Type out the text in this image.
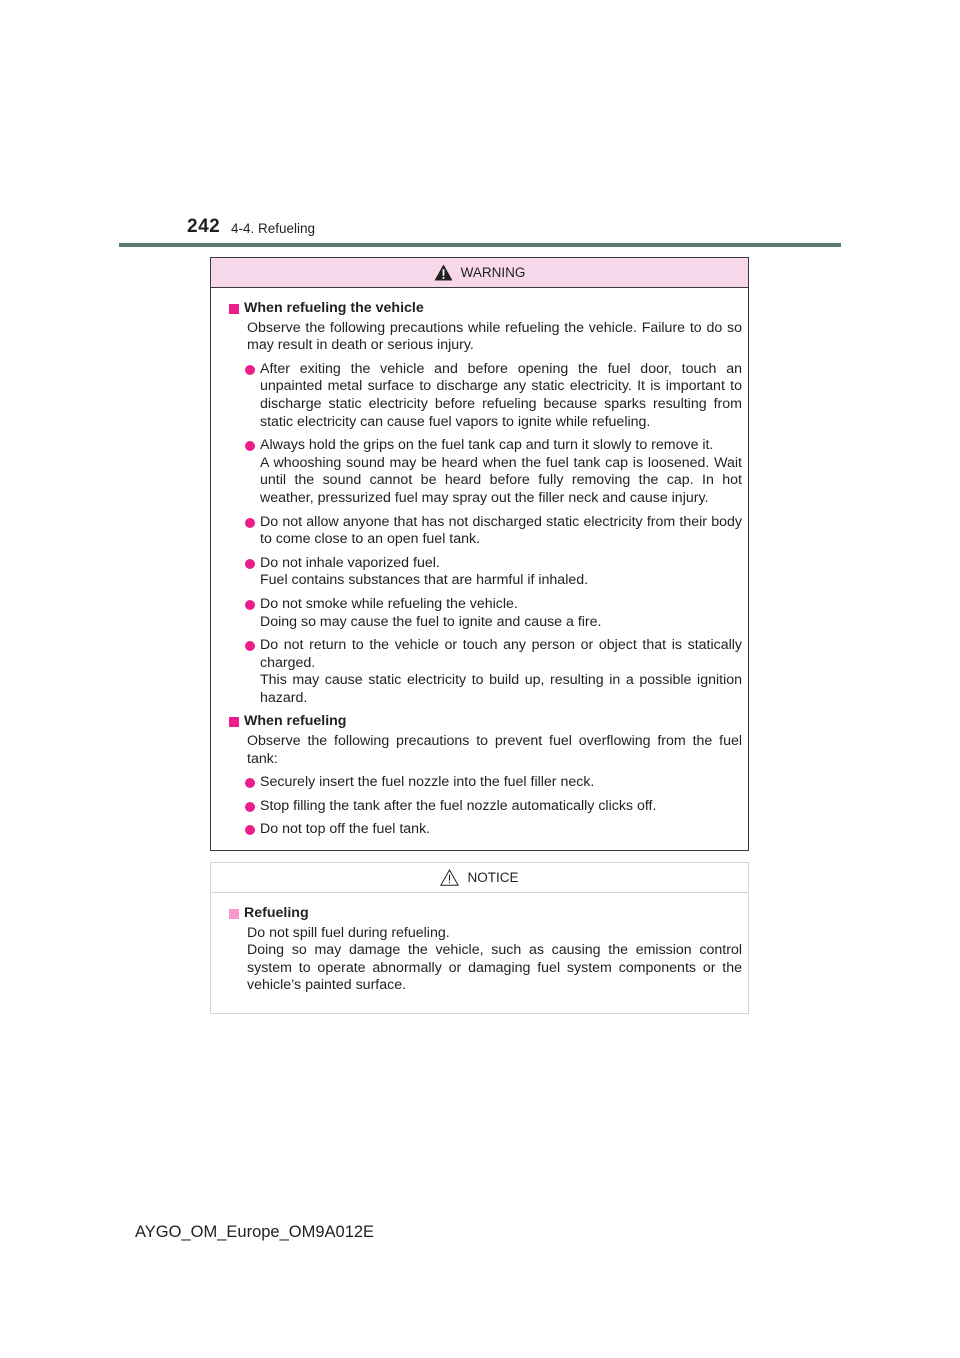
242 4-4. Refueling
WARNING
When refueling the vehicle
Observe the following precautions while refueling the vehicle. Failure to do so may result in death or serious injury.
After exiting the vehicle and before opening the fuel door, touch an unpainted metal surface to discharge any static electricity. It is important to discharge static electricity before refueling because sparks resulting from static electricity can cause fuel vapors to ignite while refueling.
Always hold the grips on the fuel tank cap and turn it slowly to remove it.
A whooshing sound may be heard when the fuel tank cap is loosened. Wait until the sound cannot be heard before fully removing the cap. In hot weather, pressurized fuel may spray out the filler neck and cause injury.
Do not allow anyone that has not discharged static electricity from their body to come close to an open fuel tank.
Do not inhale vaporized fuel.
Fuel contains substances that are harmful if inhaled.
Do not smoke while refueling the vehicle.
Doing so may cause the fuel to ignite and cause a fire.
Do not return to the vehicle or touch any person or object that is statically charged.
This may cause static electricity to build up, resulting in a possible ignition hazard.
When refueling
Observe the following precautions to prevent fuel overflowing from the fuel tank:
Securely insert the fuel nozzle into the fuel filler neck.
Stop filling the tank after the fuel nozzle automatically clicks off.
Do not top off the fuel tank.
NOTICE
Refueling
Do not spill fuel during refueling.
Doing so may damage the vehicle, such as causing the emission control system to operate abnormally or damaging fuel system components or the vehicle’s painted surface.
AYGO_OM_Europe_OM9A012E
